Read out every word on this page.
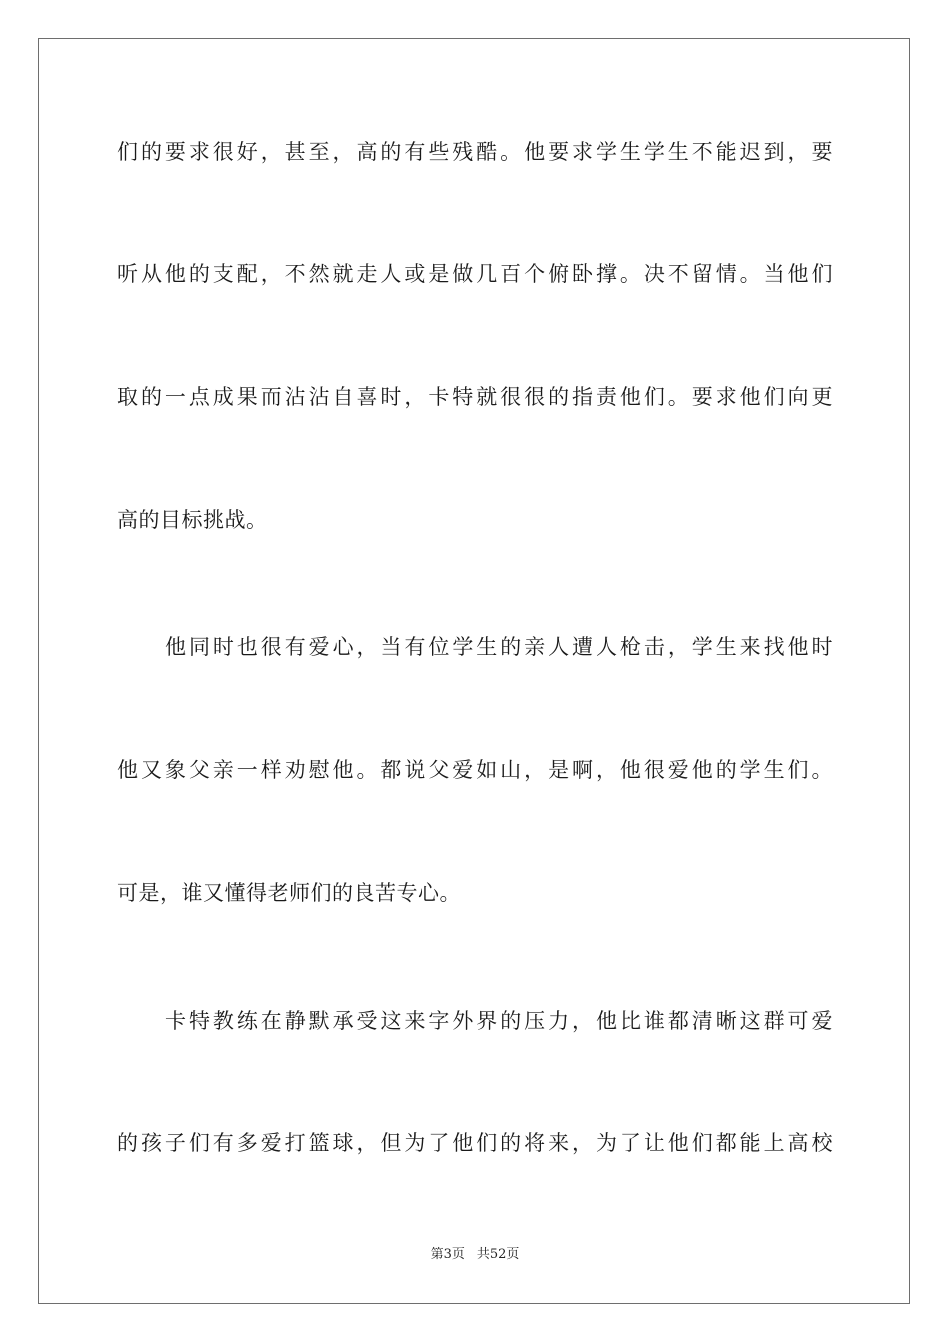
们的要求很好，甚至，高的有些残酷。他要求学生学生不能迟到，要
听从他的支配，不然就走人或是做几百个俯卧撑。决不留情。当他们
取的一点成果而沾沾自喜时，卡特就很很的指责他们。要求他们向更
高的目标挑战。
他同时也很有爱心，当有位学生的亲人遭人枪击，学生来找他时
他又象父亲一样劝慰他。都说父爱如山，是啊，他很爱他的学生们。
可是，谁又懂得老师们的良苦专心。
卡特教练在静默承受这来字外界的压力，他比谁都清晰这群可爱
的孩子们有多爱打篮球，但为了他们的将来，为了让他们都能上高校
第3页 共52页
